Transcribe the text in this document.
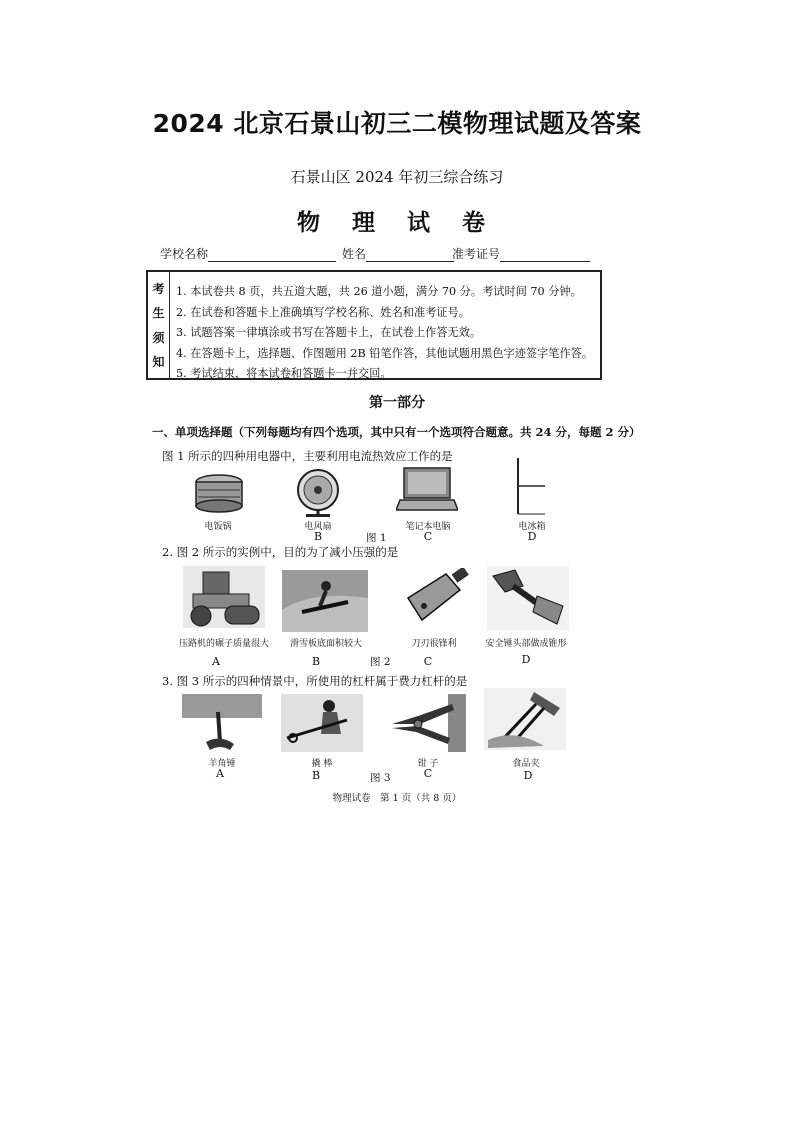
2024 北京石景山初三二模物理试题及答案
石景山区 2024 年初三综合练习
物 理 试 卷
学校名称	姓名	准考证号
考
生
须
知
1. 本试卷共 8 页，共五道大题，共 26 道小题，满分 70 分。考试时间 70 分钟。
2. 在试卷和答题卡上准确填写学校名称、姓名和准考证号。
3. 试题答案一律填涂或书写在答题卡上，在试卷上作答无效。
4. 在答题卡上，选择题、作图题用 2B 铅笔作答，其他试题用黑色字迹签字笔作答。
5. 考试结束，将本试卷和答题卡一并交回。
第一部分
一、单项选择题（下列每题均有四个选项，其中只有一个选项符合题意。共 24 分，每题 2 分）
图 1 所示的四种用电器中，主要利用电流热效应工作的是
电饭锅	电风扇	笔记本电脑	电冰箱
B	图 1	C	D
2. 图 2 所示的实例中，目的为了减小压强的是
压路机的碾子质量很大	滑雪板底面积较大	刀刃很锋利	安全锤头部做成锥形
A	B	图 2	C	D
3. 图 3 所示的四种情景中，所使用的杠杆属于费力杠杆的是
羊角锤	撬 棒	钳 子	食品夹
A	B	图 3	C	D
物理试卷　第 1 页（共 8 页）
